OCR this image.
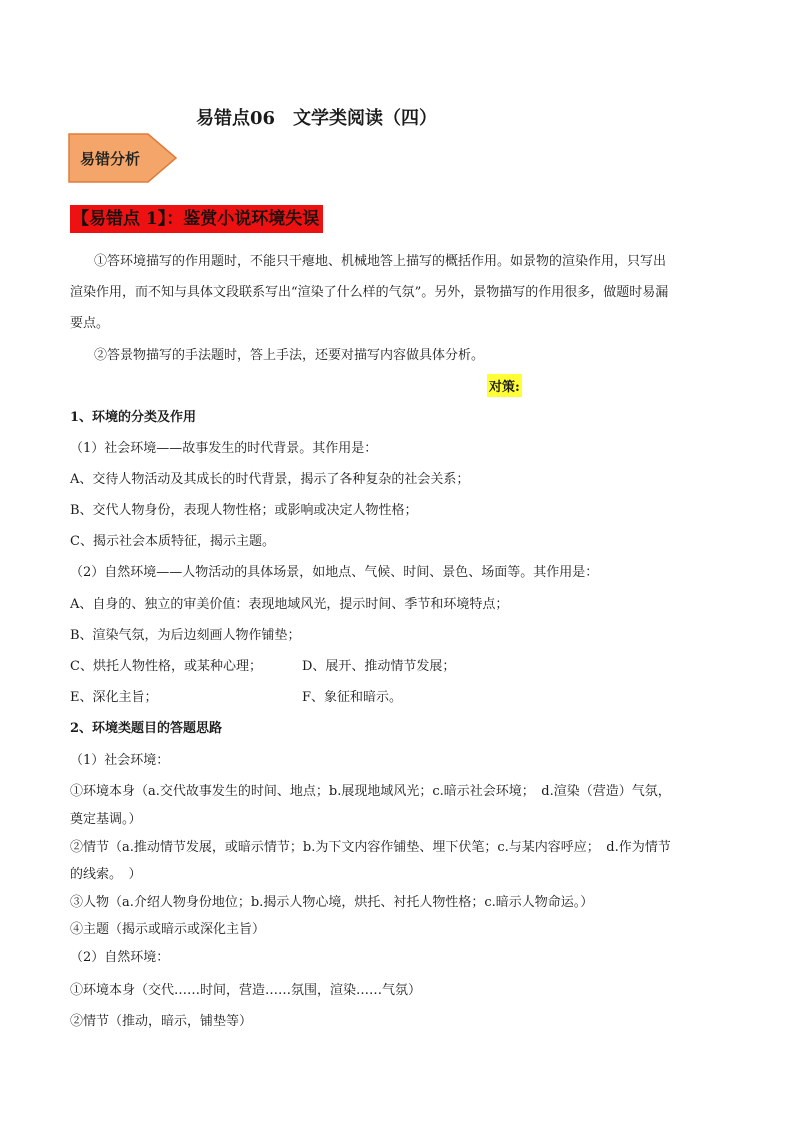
易错点06　文学类阅读（四）
易错分析
【易错点 1】：鉴赏小说环境失误
①答环境描写的作用题时，不能只干瘪地、机械地答上描写的概括作用。如景物的渲染作用，只写出
渲染作用，而不知与具体文段联系写出“渲染了什么样的气氛”。另外，景物描写的作用很多，做题时易漏
要点。
②答景物描写的手法题时，答上手法，还要对描写内容做具体分析。
对策:
1、环境的分类及作用
（1）社会环境——故事发生的时代背景。其作用是：
A、交待人物活动及其成长的时代背景，揭示了各种复杂的社会关系；
B、交代人物身份，表现人物性格；或影响或决定人物性格；
C、揭示社会本质特征，揭示主题。
（2）自然环境——人物活动的具体场景，如地点、气候、时间、景色、场面等。其作用是：
A、自身的、独立的审美价值：表现地域风光，提示时间、季节和环境特点；
B、渲染气氛，为后边刻画人物作铺垫；
C、烘托人物性格，或某种心理；	D、展开、推动情节发展；
E、深化主旨；	F、象征和暗示。
2、环境类题目的答题思路
（1）社会环境：
①环境本身（a.交代故事发生的时间、地点；b.展现地域风光；c.暗示社会环境；　d.渲染（营造）气氛，
奠定基调。）
②情节（a.推动情节发展，或暗示情节；b.为下文内容作铺垫、埋下伏笔；c.与某内容呼应；　d.作为情节
的线索。　）
③人物（a.介绍人物身份地位；b.揭示人物心境，烘托、衬托人物性格；c.暗示人物命运。）
④主题（揭示或暗示或深化主旨）
（2）自然环境：
①环境本身（交代……时间，营造……氛围，渲染……气氛）
②情节（推动，暗示，铺垫等）
